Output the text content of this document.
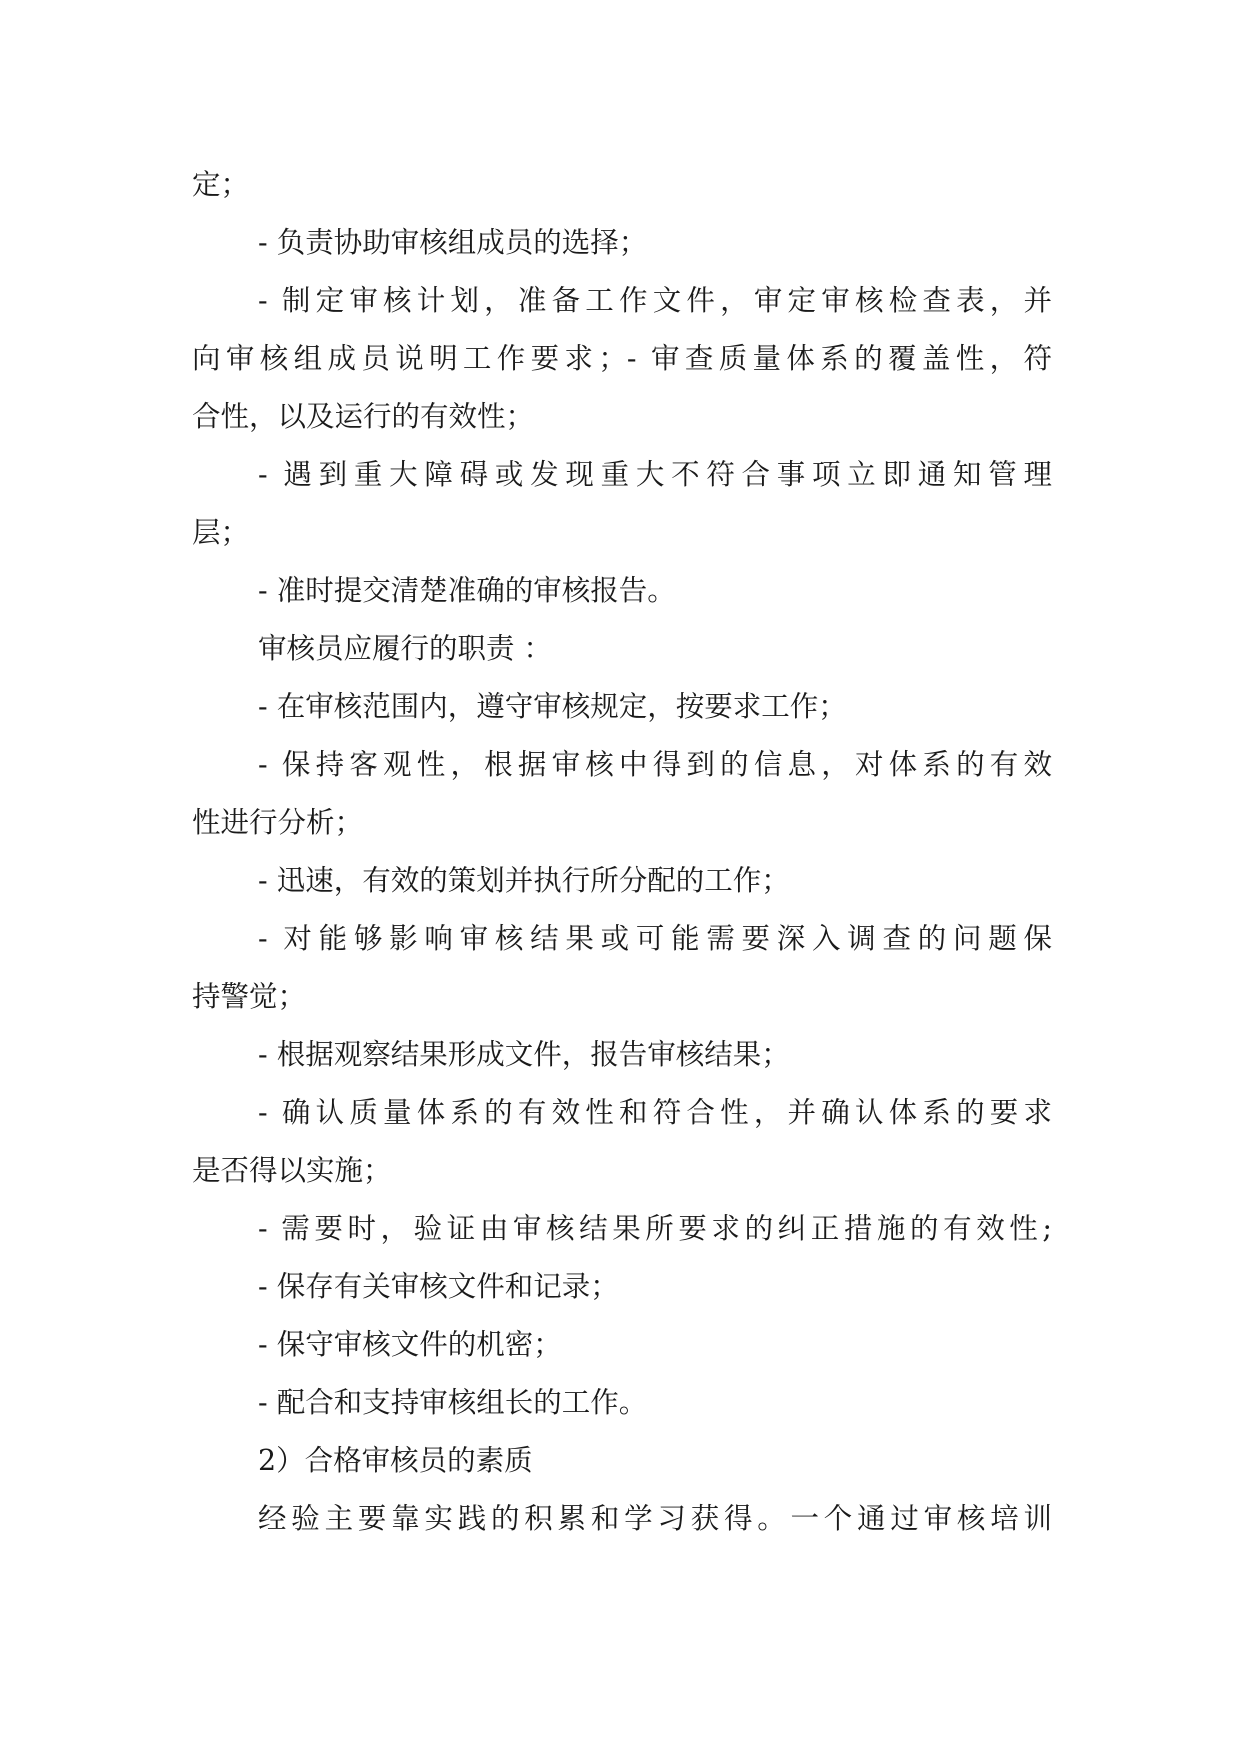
定；
- 负责协助审核组成员的选择；
- 制定审核计划，准备工作文件，审定审核检查表，并
向审核组成员说明工作要求；- 审查质量体系的覆盖性，符
合性，以及运行的有效性；
- 遇到重大障碍或发现重大不符合事项立即通知管理
层；
- 准时提交清楚准确的审核报告。
审核员应履行的职责 ：
- 在审核范围内，遵守审核规定，按要求工作；
- 保持客观性，根据审核中得到的信息，对体系的有效
性进行分析；
- 迅速，有效的策划并执行所分配的工作；
- 对能够影响审核结果或可能需要深入调查的问题保
持警觉；
- 根据观察结果形成文件，报告审核结果；
- 确认质量体系的有效性和符合性，并确认体系的要求
是否得以实施；
- 需要时，验证由审核结果所要求的纠正措施的有效性;
- 保存有关审核文件和记录；
- 保守审核文件的机密；
- 配合和支持审核组长的工作。
2）合格审核员的素质
经验主要靠实践的积累和学习获得。一个通过审核培训
